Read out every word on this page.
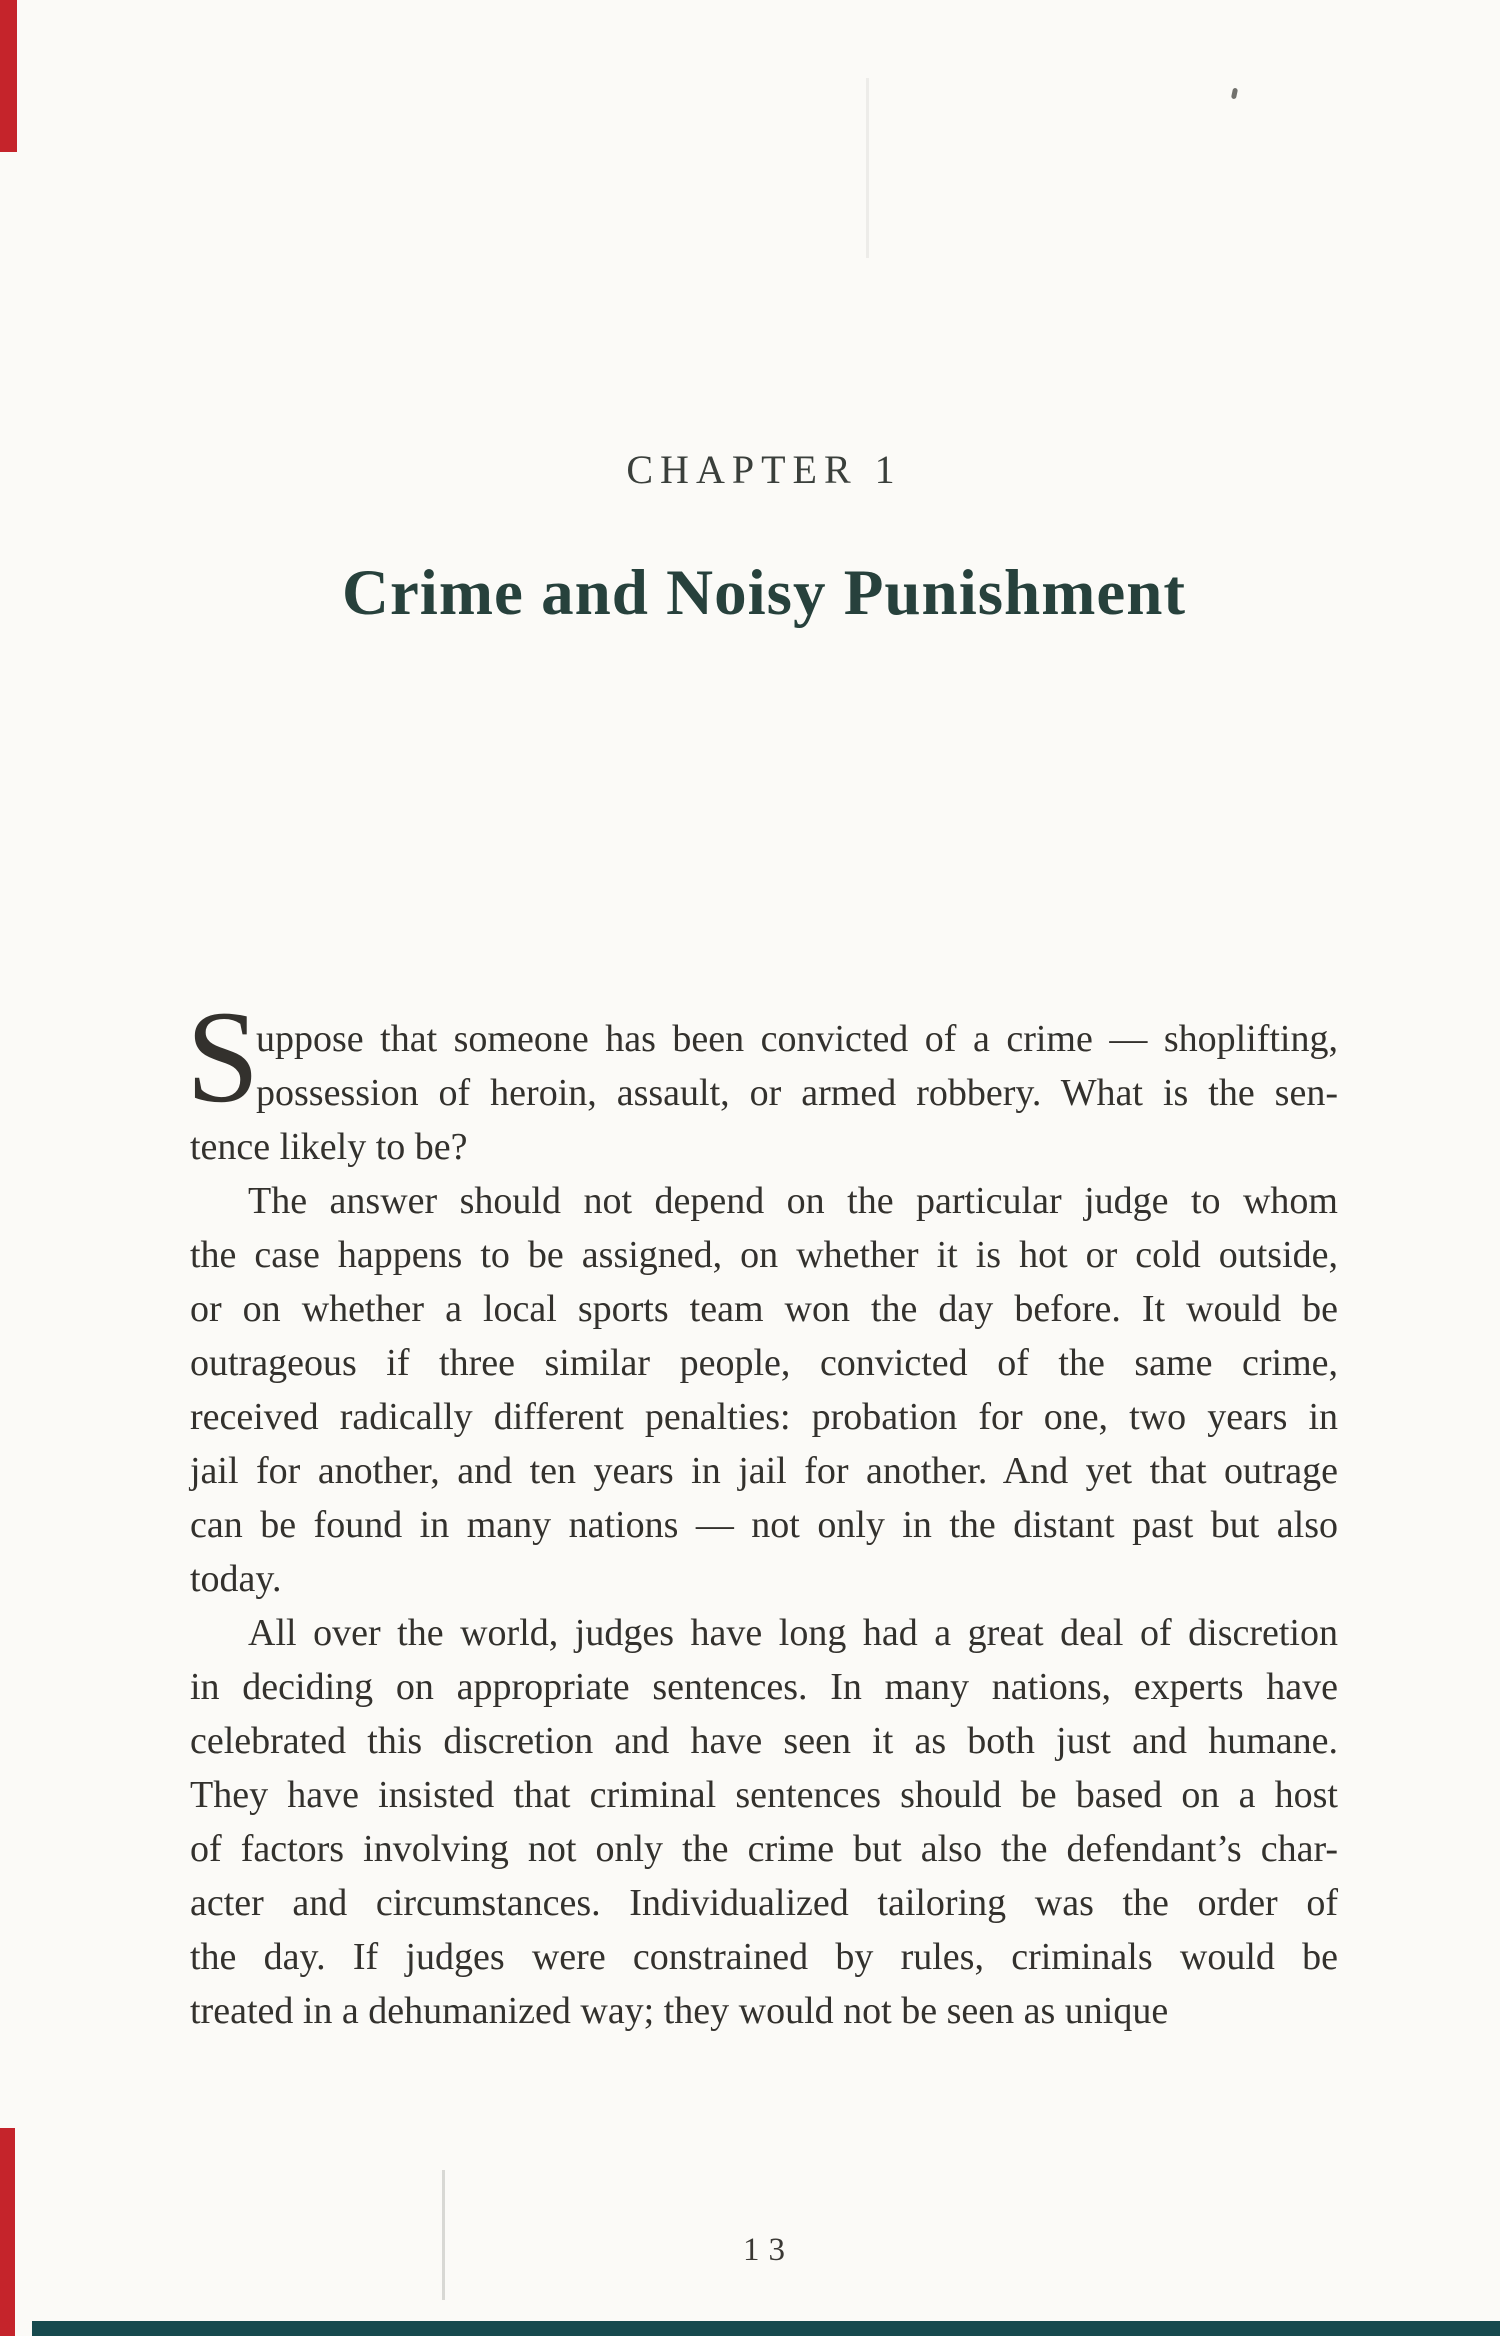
CHAPTER 1
Crime and Noisy Punishment
S
uppose that someone has been convicted of a crime — shoplifting,
possession of heroin, assault, or armed robbery. What is the sen-
tence likely to be?
The answer should not depend on the particular judge to whom
the case happens to be assigned, on whether it is hot or cold outside,
or on whether a local sports team won the day before. It would be
outrageous if three similar people, convicted of the same crime,
received radically different penalties: probation for one, two years in
jail for another, and ten years in jail for another. And yet that outrage
can be found in many nations — not only in the distant past but also
today.
All over the world, judges have long had a great deal of discretion
in deciding on appropriate sentences. In many nations, experts have
celebrated this discretion and have seen it as both just and humane.
They have insisted that criminal sentences should be based on a host
of factors involving not only the crime but also the defendant’s char-
acter and circumstances. Individualized tailoring was the order of
the day. If judges were constrained by rules, criminals would be
treated in a dehumanized way; they would not be seen as unique
13
